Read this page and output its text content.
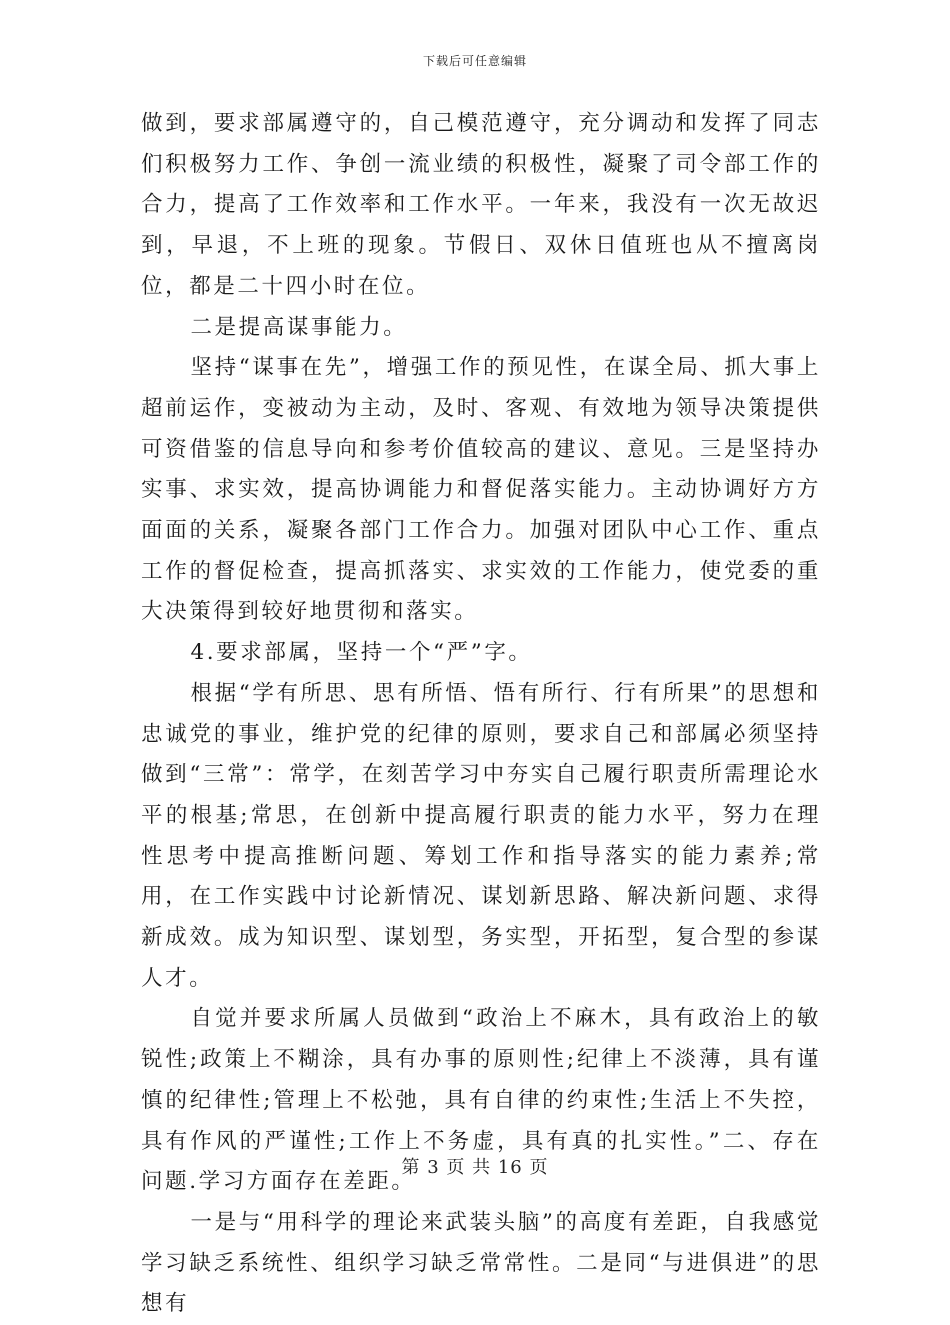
下载后可任意编辑

做到，要求部属遵守的，自己模范遵守，充分调动和发挥了同志们积极努力工作、争创一流业绩的积极性，凝聚了司令部工作的合力，提高了工作效率和工作水平。一年来，我没有一次无故迟到，早退，不上班的现象。节假日、双休日值班也从不擅离岗位，都是二十四小时在位。

二是提高谋事能力。

坚持“谋事在先”，增强工作的预见性，在谋全局、抓大事上超前运作，变被动为主动，及时、客观、有效地为领导决策提供可资借鉴的信息导向和参考价值较高的建议、意见。三是坚持办实事、求实效，提高协调能力和督促落实能力。主动协调好方方面面的关系，凝聚各部门工作合力。加强对团队中心工作、重点工作的督促检查，提高抓落实、求实效的工作能力，使党委的重大决策得到较好地贯彻和落实。

4.要求部属，坚持一个“严”字。

根据“学有所思、思有所悟、悟有所行、行有所果”的思想和忠诚党的事业，维护党的纪律的原则，要求自己和部属必须坚持做到“三常”：常学，在刻苦学习中夯实自己履行职责所需理论水平的根基;常思，在创新中提高履行职责的能力水平，努力在理性思考中提高推断问题、筹划工作和指导落实的能力素养;常用，在工作实践中讨论新情况、谋划新思路、解决新问题、求得新成效。成为知识型、谋划型，务实型，开拓型，复合型的参谋人才。

自觉并要求所属人员做到“政治上不麻木，具有政治上的敏锐性;政策上不糊涂，具有办事的原则性;纪律上不淡薄，具有谨慎的纪律性;管理上不松弛，具有自律的约束性;生活上不失控，具有作风的严谨性;工作上不务虚，具有真的扎实性。”二、存在问题.学习方面存在差距。

一是与“用科学的理论来武装头脑”的高度有差距，自我感觉学习缺乏系统性、组织学习缺乏常常性。二是同“与进俱进”的思想有

第 3 页 共 16 页
